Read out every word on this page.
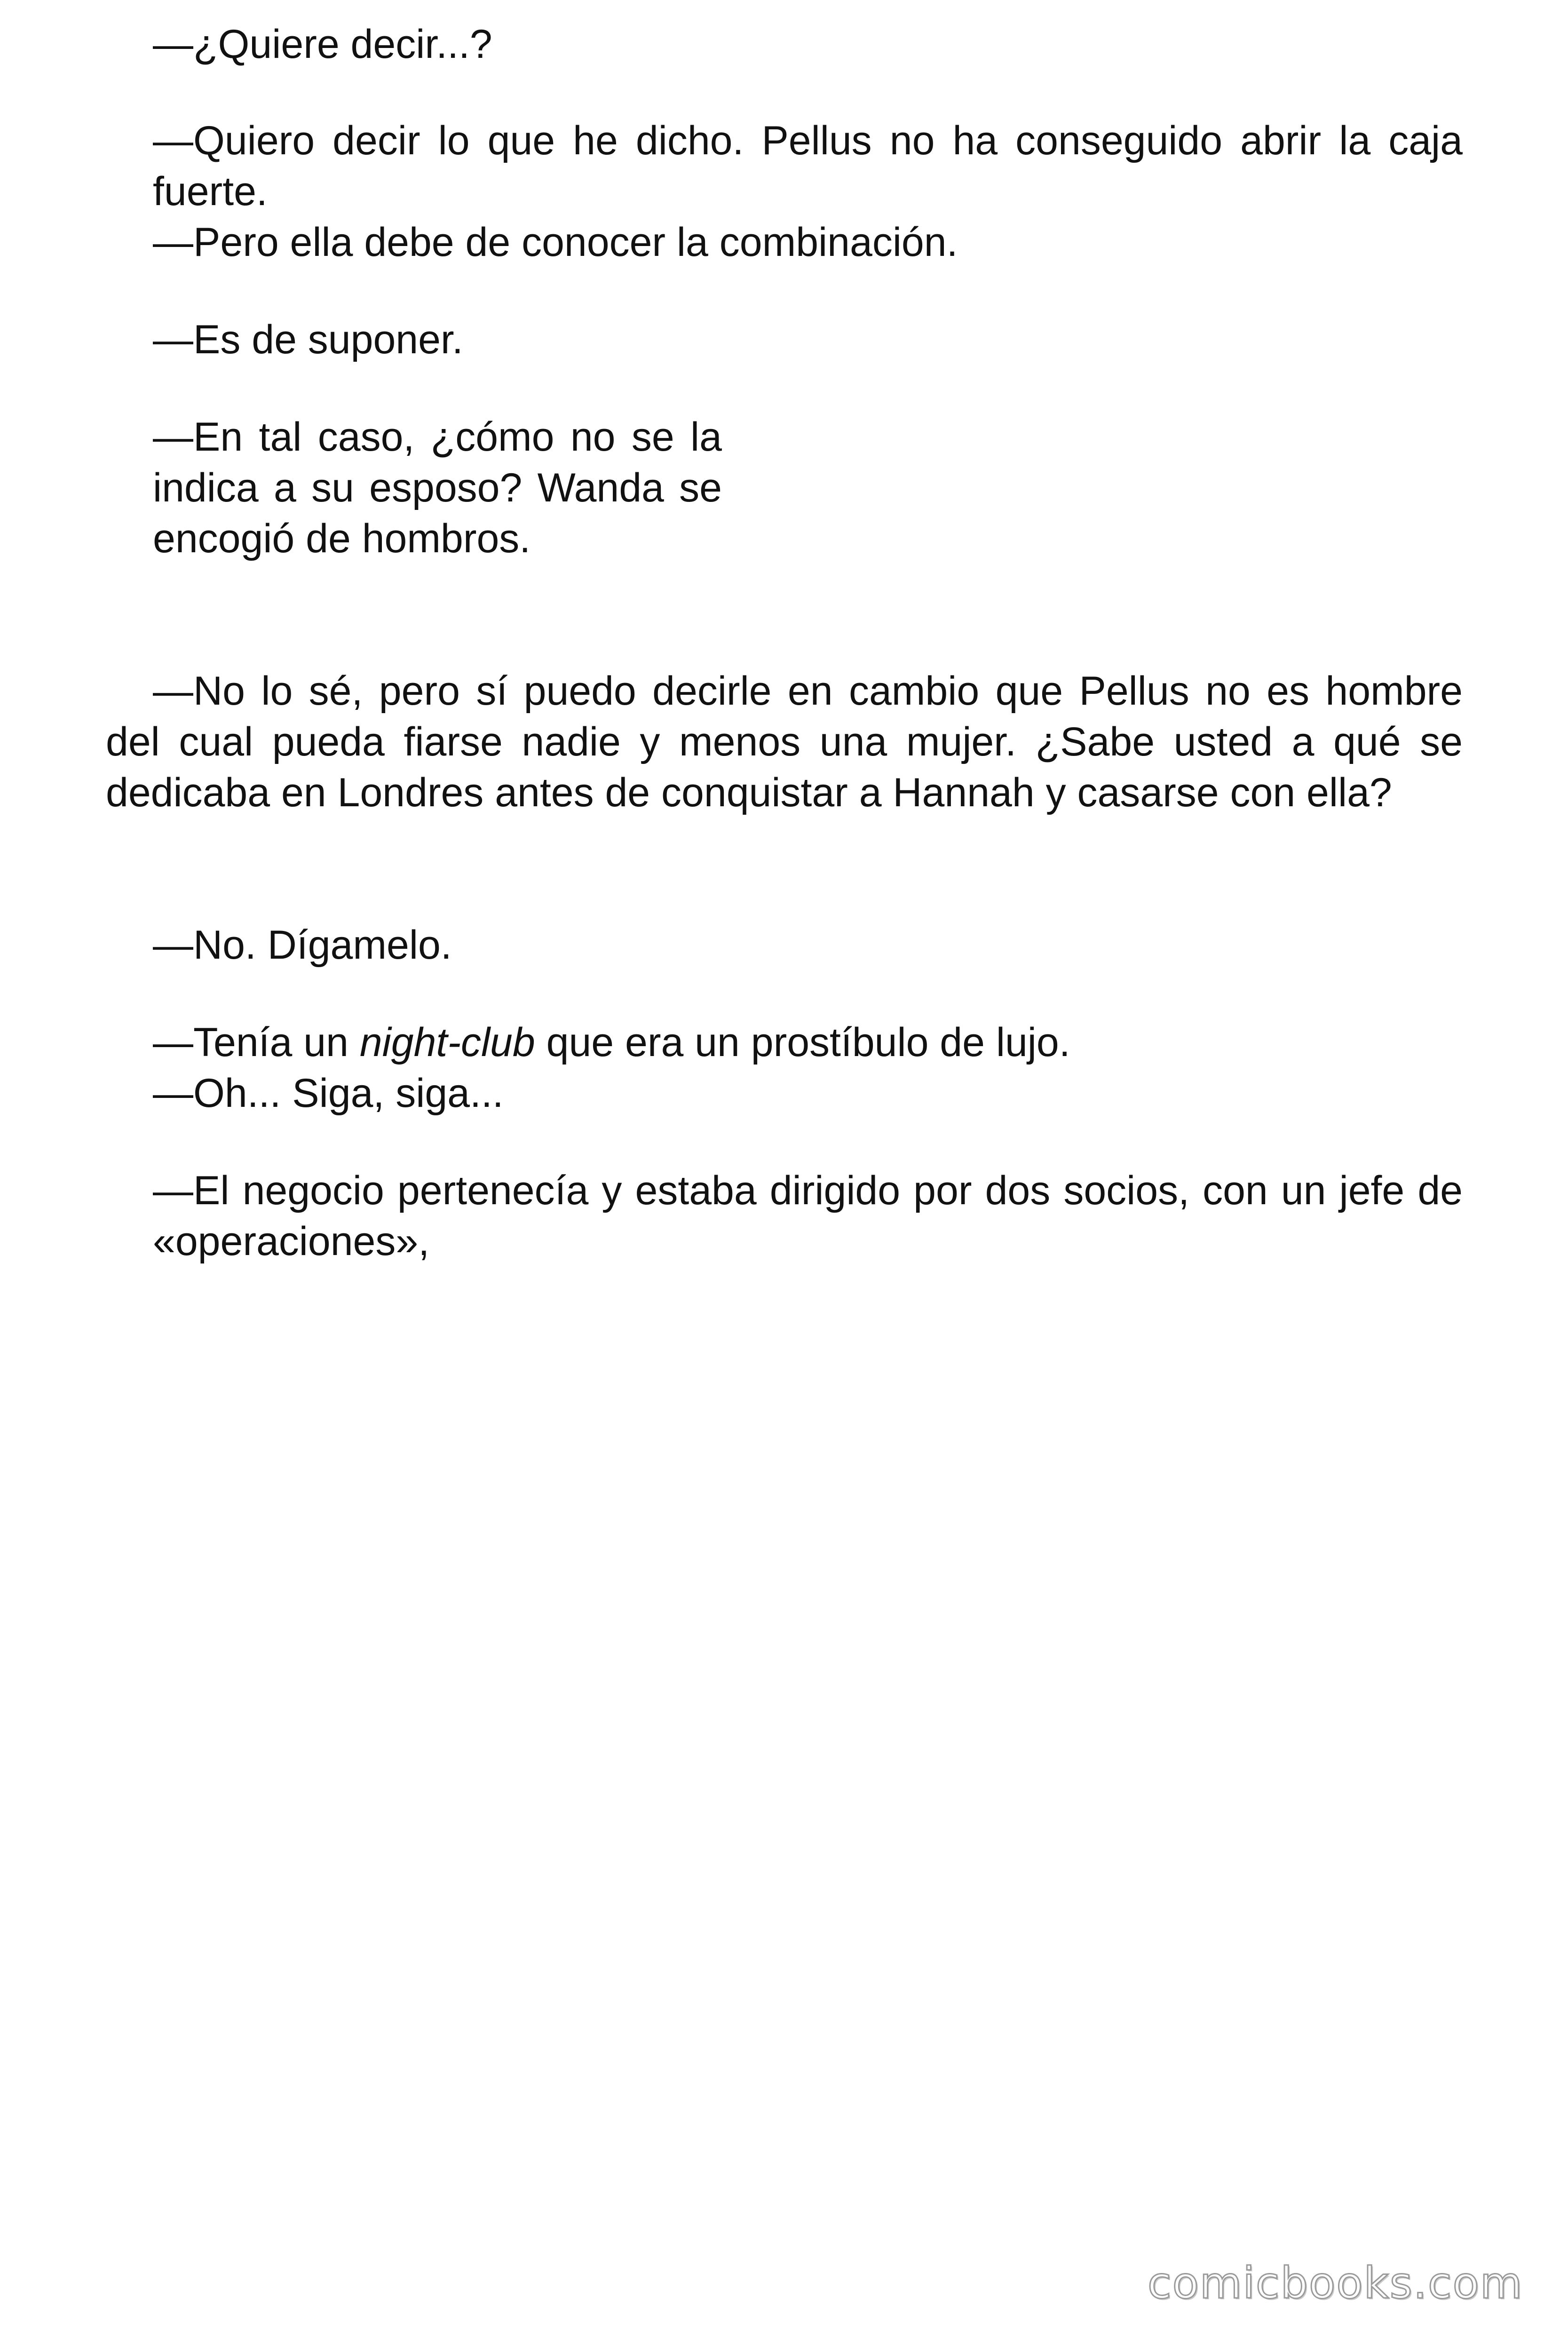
—¿Quiere decir...?

—Quiero decir lo que he dicho. Pellus no ha conseguido abrir la caja fuerte.

—Pero ella debe de conocer la combinación.

—Es de suponer.

—En tal caso, ¿cómo no se la indica a su esposo? Wanda se encogió de hombros.

—No lo sé, pero sí puedo decirle en cambio que Pellus no es hombre del cual pueda fiarse nadie y menos una mujer. ¿Sabe usted a qué se dedicaba en Londres antes de conquistar a Hannah y casarse con ella?

—No. Dígamelo.

—Tenía un night-club que era un prostíbulo de lujo.

—Oh... Siga, siga...

—El negocio pertenecía y estaba dirigido por dos socios, con un jefe de «operaciones»,

comicbooks.com
